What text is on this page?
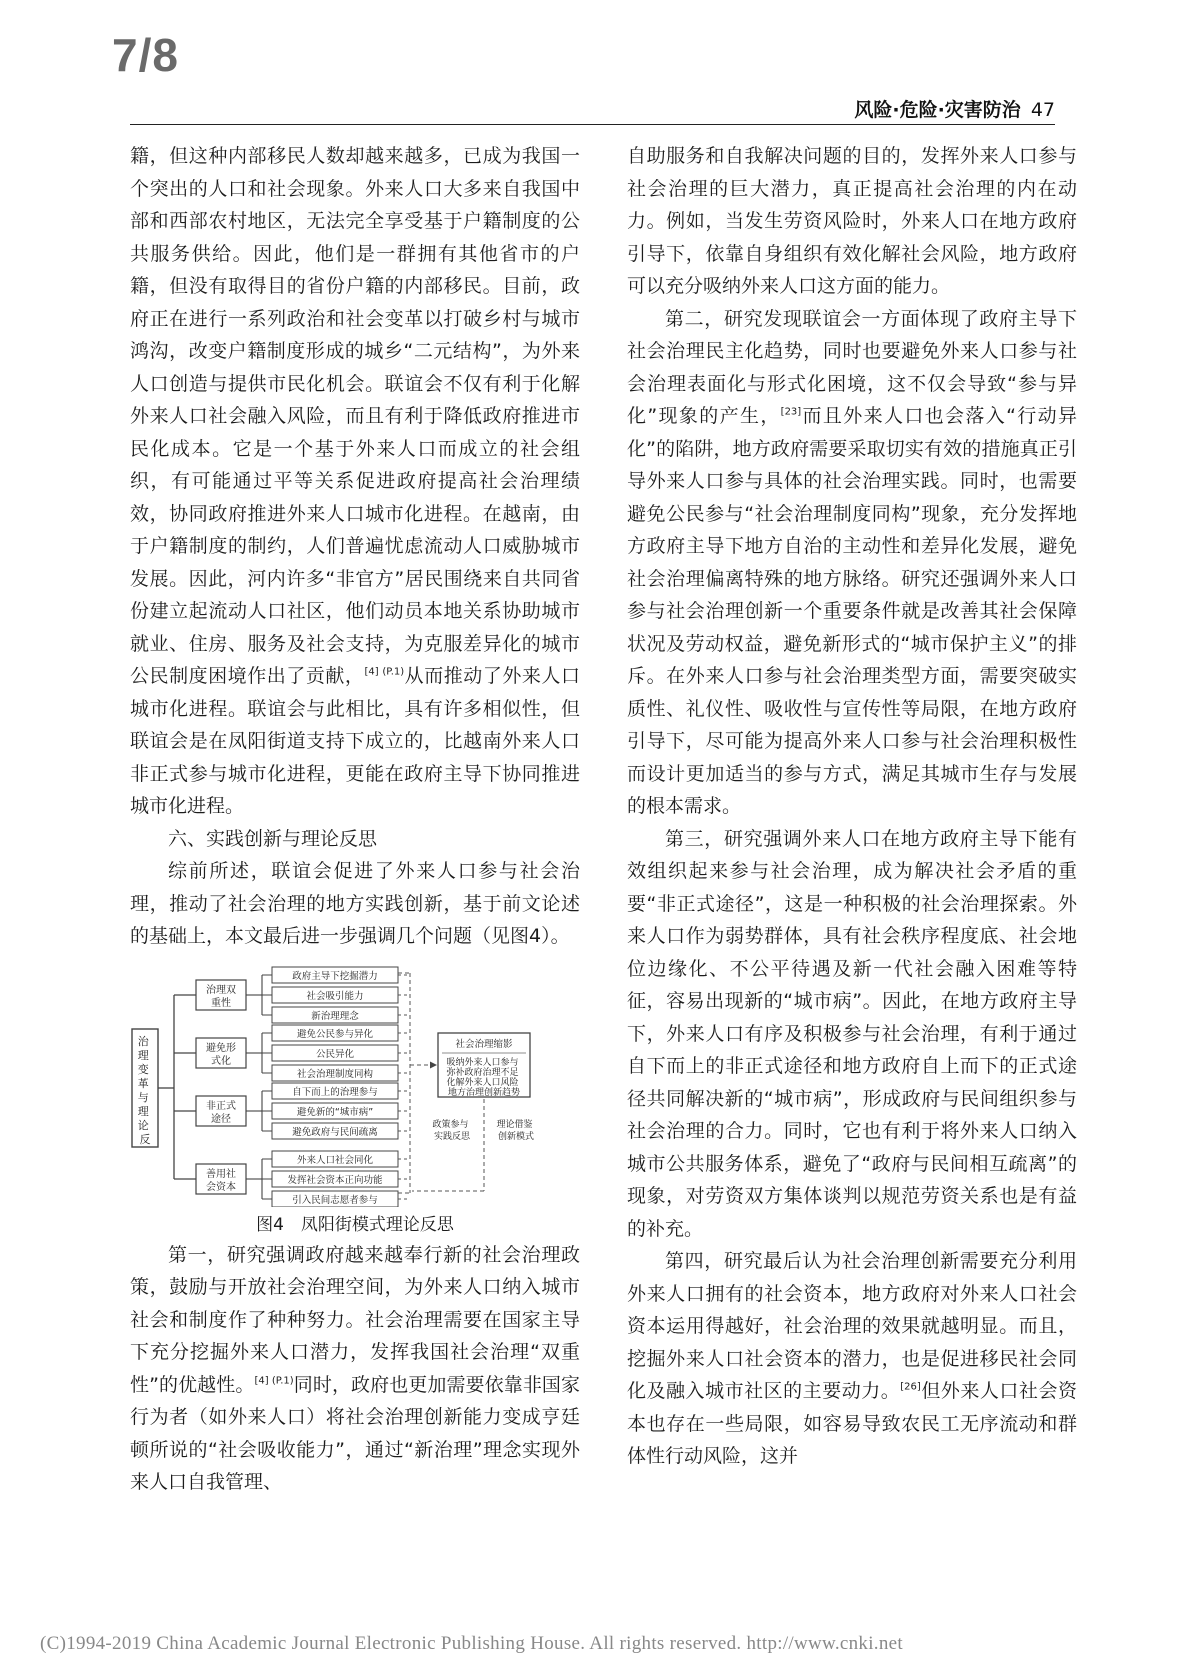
7/8
风险·危险·灾害防治 47

籍，但这种内部移民人数却越来越多，已成为我国一个突出的人口和社会现象。外来人口大多来自我国中部和西部农村地区，无法完全享受基于户籍制度的公共服务供给。因此，他们是一群拥有其他省市的户籍，但没有取得目的省份户籍的内部移民。目前，政府正在进行一系列政治和社会变革以打破乡村与城市鸿沟，改变户籍制度形成的城乡“二元结构”，为外来人口创造与提供市民化机会。联谊会不仅有利于化解外来人口社会融入风险，而且有利于降低政府推进市民化成本。它是一个基于外来人口而成立的社会组织，有可能通过平等关系促进政府提高社会治理绩效，协同政府推进外来人口城市化进程。在越南，由于户籍制度的制约，人们普遍忧虑流动人口威胁城市发展。因此，河内许多“非官方”居民围绕来自共同省份建立起流动人口社区，他们动员本地关系协助城市就业、住房、服务及社会支持，为克服差异化的城市公民制度困境作出了贡献，$^{[4] (P.1)}$从而推动了外来人口城市化进程。联谊会与此相比，具有许多相似性，但联谊会是在凤阳街道支持下成立的，比越南外来人口非正式参与城市化进程，更能在政府主导下协同推进城市化进程。

六、实践创新与理论反思

综前所述，联谊会促进了外来人口参与社会治理，推动了社会治理的地方实践创新，基于前文论述的基础上，本文最后进一步强调几个问题（见图4）。

治 理 变 革 与 理 论 反
治理双重性
政府主导下挖掘潜力
社会吸引能力
新治理理念
避免形式化
避免公民参与异化
公民异化
社会治理制度同构
非正式途径
自下而上的治理参与
避免新的“城市病”
避免政府与民间疏离
善用社会资本
外来人口社会同化
发挥社会资本正向功能
引入民间志愿者参与
社会治理缩影
吸纳外来人口参与 弥补政府治理不足 化解外来人口风险 地方治理创新趋势
政策参与 实践反思
理论借鉴 创新模式

图4　凤阳街模式理论反思

第一，研究强调政府越来越奉行新的社会治理政策，鼓励与开放社会治理空间，为外来人口纳入城市社会和制度作了种种努力。社会治理需要在国家主导下充分挖掘外来人口潜力，发挥我国社会治理“双重性”的优越性。$^{[4] (P.1)}$同时，政府也更加需要依靠非国家行为者（如外来人口）将社会治理创新能力变成亨廷顿所说的“社会吸收能力”，通过“新治理”理念实现外来人口自我管理、

自助服务和自我解决问题的目的，发挥外来人口参与社会治理的巨大潜力，真正提高社会治理的内在动力。例如，当发生劳资风险时，外来人口在地方政府引导下，依靠自身组织有效化解社会风险，地方政府可以充分吸纳外来人口这方面的能力。

第二，研究发现联谊会一方面体现了政府主导下社会治理民主化趋势，同时也要避免外来人口参与社会治理表面化与形式化困境，这不仅会导致“参与异化”现象的产生，[23]而且外来人口也会落入“行动异化”的陷阱，地方政府需要采取切实有效的措施真正引导外来人口参与具体的社会治理实践。同时，也需要避免公民参与“社会治理制度同构”现象，充分发挥地方政府主导下地方自治的主动性和差异化发展，避免社会治理偏离特殊的地方脉络。研究还强调外来人口参与社会治理创新一个重要条件就是改善其社会保障状况及劳动权益，避免新形式的“城市保护主义”的排斥。在外来人口参与社会治理类型方面，需要突破实质性、礼仪性、吸收性与宣传性等局限，在地方政府引导下，尽可能为提高外来人口参与社会治理积极性而设计更加适当的参与方式，满足其城市生存与发展的根本需求。

第三，研究强调外来人口在地方政府主导下能有效组织起来参与社会治理，成为解决社会矛盾的重要“非正式途径”，这是一种积极的社会治理探索。外来人口作为弱势群体，具有社会秩序程度底、社会地位边缘化、不公平待遇及新一代社会融入困难等特征，容易出现新的“城市病”。因此，在地方政府主导下，外来人口有序及积极参与社会治理，有利于通过自下而上的非正式途径和地方政府自上而下的正式途径共同解决新的“城市病”，形成政府与民间组织参与社会治理的合力。同时，它也有利于将外来人口纳入城市公共服务体系，避免了“政府与民间相互疏离”的现象，对劳资双方集体谈判以规范劳资关系也是有益的补充。

第四，研究最后认为社会治理创新需要充分利用外来人口拥有的社会资本，地方政府对外来人口社会资本运用得越好，社会治理的效果就越明显。而且，挖掘外来人口社会资本的潜力，也是促进移民社会同化及融入城市社区的主要动力。[26]但外来人口社会资本也存在一些局限，如容易导致农民工无序流动和群体性行动风险，这并

(C)1994-2019 China Academic Journal Electronic Publishing House. All rights reserved. http://www.cnki.net
